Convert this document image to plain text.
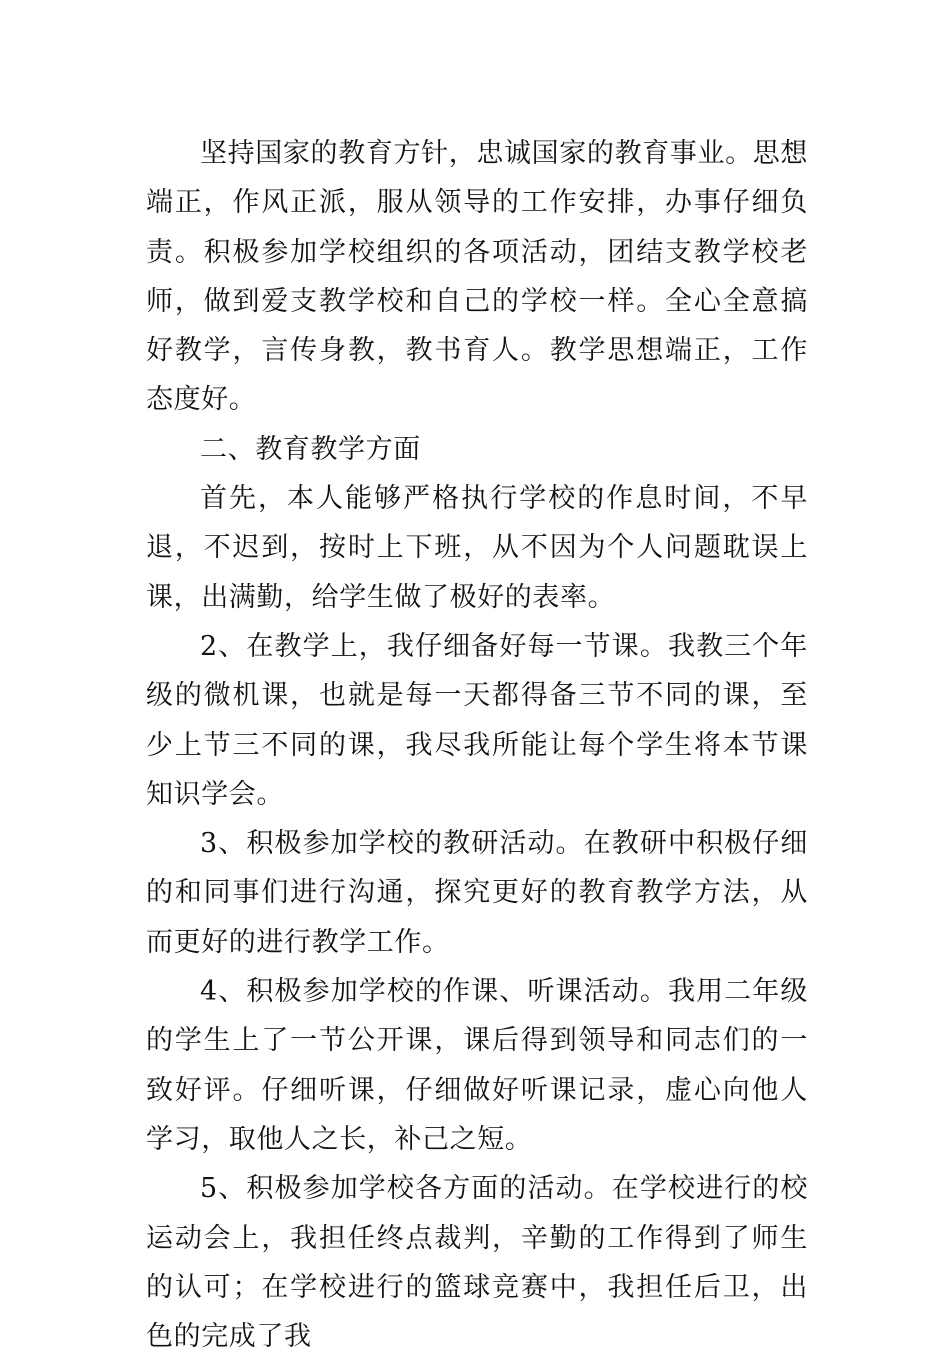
坚持国家的教育方针，忠诚国家的教育事业。思想端正，作风正派，服从领导的工作安排，办事仔细负责。积极参加学校组织的各项活动，团结支教学校老师，做到爱支教学校和自己的学校一样。全心全意搞好教学，言传身教，教书育人。教学思想端正，工作态度好。

二、教育教学方面

首先，本人能够严格执行学校的作息时间，不早退，不迟到，按时上下班，从不因为个人问题耽误上课，出满勤，给学生做了极好的表率。

2、在教学上，我仔细备好每一节课。我教三个年级的微机课，也就是每一天都得备三节不同的课，至少上节三不同的课，我尽我所能让每个学生将本节课知识学会。

3、积极参加学校的教研活动。在教研中积极仔细的和同事们进行沟通，探究更好的教育教学方法，从而更好的进行教学工作。

4、积极参加学校的作课、听课活动。我用二年级的学生上了一节公开课，课后得到领导和同志们的一致好评。仔细听课，仔细做好听课记录，虚心向他人学习，取他人之长，补己之短。

5、积极参加学校各方面的活动。在学校进行的校运动会上，我担任终点裁判，辛勤的工作得到了师生的认可；在学校进行的篮球竞赛中，我担任后卫，出色的完成了我
